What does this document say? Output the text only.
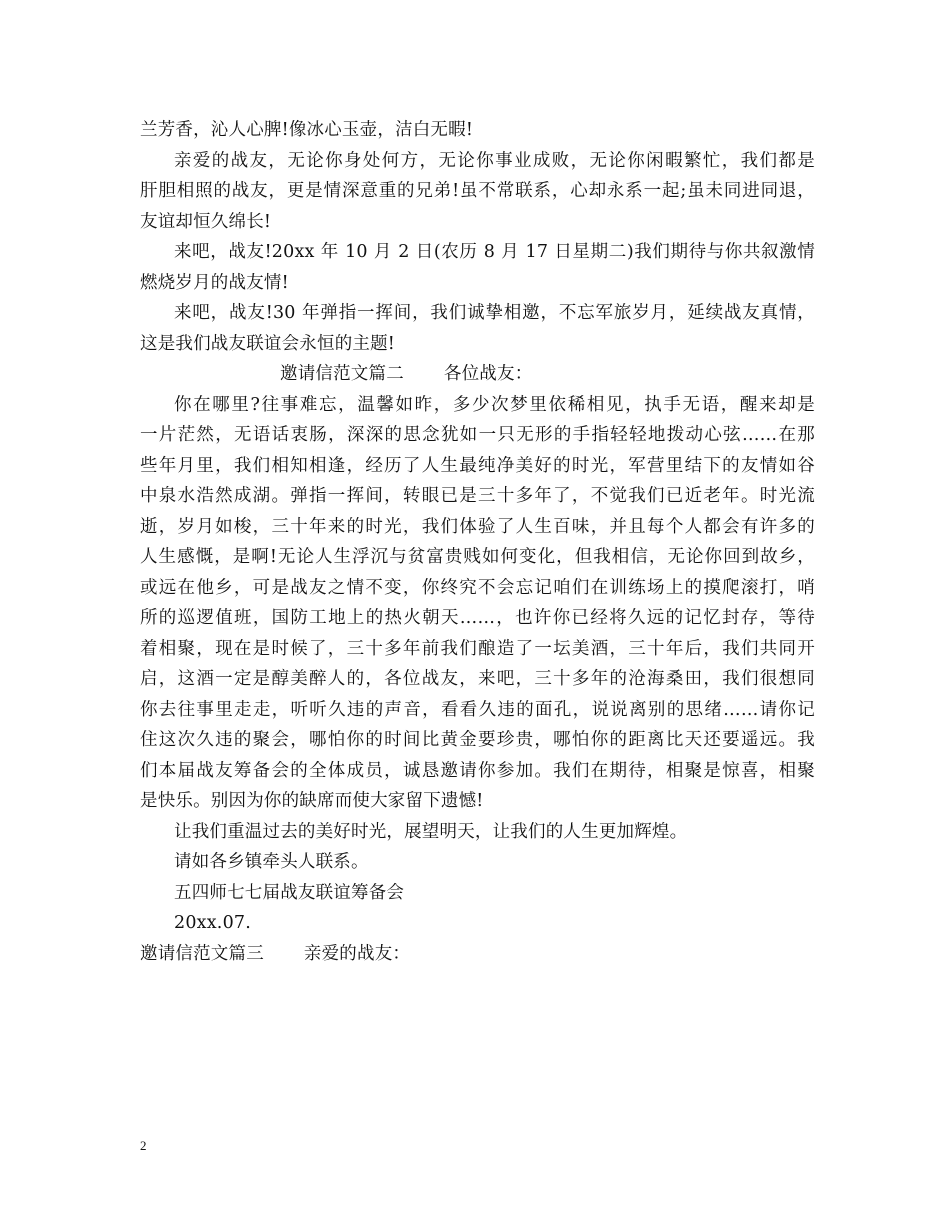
兰芳香，沁人心脾!像冰心玉壶，洁白无暇!
亲爱的战友，无论你身处何方，无论你事业成败，无论你闲暇繁忙，我们都是
肝胆相照的战友，更是情深意重的兄弟!虽不常联系，心却永系一起;虽未同进同退，
友谊却恒久绵长!
来吧，战友!20xx 年 10 月 2 日(农历 8 月 17 日星期二)我们期待与你共叙激情
燃烧岁月的战友情!
来吧，战友!30 年弹指一挥间，我们诚挚相邀，不忘军旅岁月，延续战友真情，
这是我们战友联谊会永恒的主题!
邀请信范文篇二 各位战友：
你在哪里?往事难忘，温馨如昨，多少次梦里依稀相见，执手无语，醒来却是
一片茫然，无语话衷肠，深深的思念犹如一只无形的手指轻轻地拨动心弦……在那
些年月里，我们相知相逢，经历了人生最纯净美好的时光，军营里结下的友情如谷
中泉水浩然成湖。弹指一挥间，转眼已是三十多年了，不觉我们已近老年。时光流
逝，岁月如梭，三十年来的时光，我们体验了人生百味，并且每个人都会有许多的
人生感慨，是啊!无论人生浮沉与贫富贵贱如何变化，但我相信，无论你回到故乡，
或远在他乡，可是战友之情不变，你终究不会忘记咱们在训练场上的摸爬滚打，哨
所的巡逻值班，国防工地上的热火朝天……，也许你已经将久远的记忆封存，等待
着相聚，现在是时候了，三十多年前我们酿造了一坛美酒，三十年后，我们共同开
启，这酒一定是醇美醉人的，各位战友，来吧，三十多年的沧海桑田，我们很想同
你去往事里走走，听听久违的声音，看看久违的面孔，说说离别的思绪……请你记
住这次久违的聚会，哪怕你的时间比黄金要珍贵，哪怕你的距离比天还要遥远。我
们本届战友筹备会的全体成员，诚恳邀请你参加。我们在期待，相聚是惊喜，相聚
是快乐。别因为你的缺席而使大家留下遗憾!
让我们重温过去的美好时光，展望明天，让我们的人生更加辉煌。
请如各乡镇牵头人联系。
五四师七七届战友联谊筹备会
20xx.07.
邀请信范文篇三 亲爱的战友：
2
